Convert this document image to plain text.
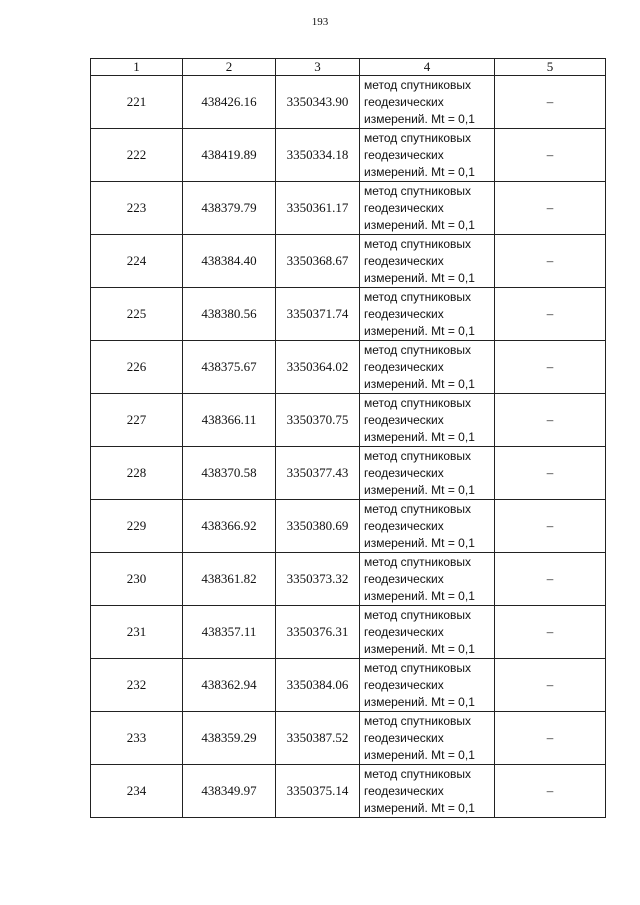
193
1	2	3	4	5
221	438426.16	3350343.90	метод спутниковых
геодезических
измерений. Mt = 0,1	–
222	438419.89	3350334.18	метод спутниковых
геодезических
измерений. Mt = 0,1	–
223	438379.79	3350361.17	метод спутниковых
геодезических
измерений. Mt = 0,1	–
224	438384.40	3350368.67	метод спутниковых
геодезических
измерений. Mt = 0,1	–
225	438380.56	3350371.74	метод спутниковых
геодезических
измерений. Mt = 0,1	–
226	438375.67	3350364.02	метод спутниковых
геодезических
измерений. Mt = 0,1	–
227	438366.11	3350370.75	метод спутниковых
геодезических
измерений. Mt = 0,1	–
228	438370.58	3350377.43	метод спутниковых
геодезических
измерений. Mt = 0,1	–
229	438366.92	3350380.69	метод спутниковых
геодезических
измерений. Mt = 0,1	–
230	438361.82	3350373.32	метод спутниковых
геодезических
измерений. Mt = 0,1	–
231	438357.11	3350376.31	метод спутниковых
геодезических
измерений. Mt = 0,1	–
232	438362.94	3350384.06	метод спутниковых
геодезических
измерений. Mt = 0,1	–
233	438359.29	3350387.52	метод спутниковых
геодезических
измерений. Mt = 0,1	–
234	438349.97	3350375.14	метод спутниковых
геодезических
измерений. Mt = 0,1	–
